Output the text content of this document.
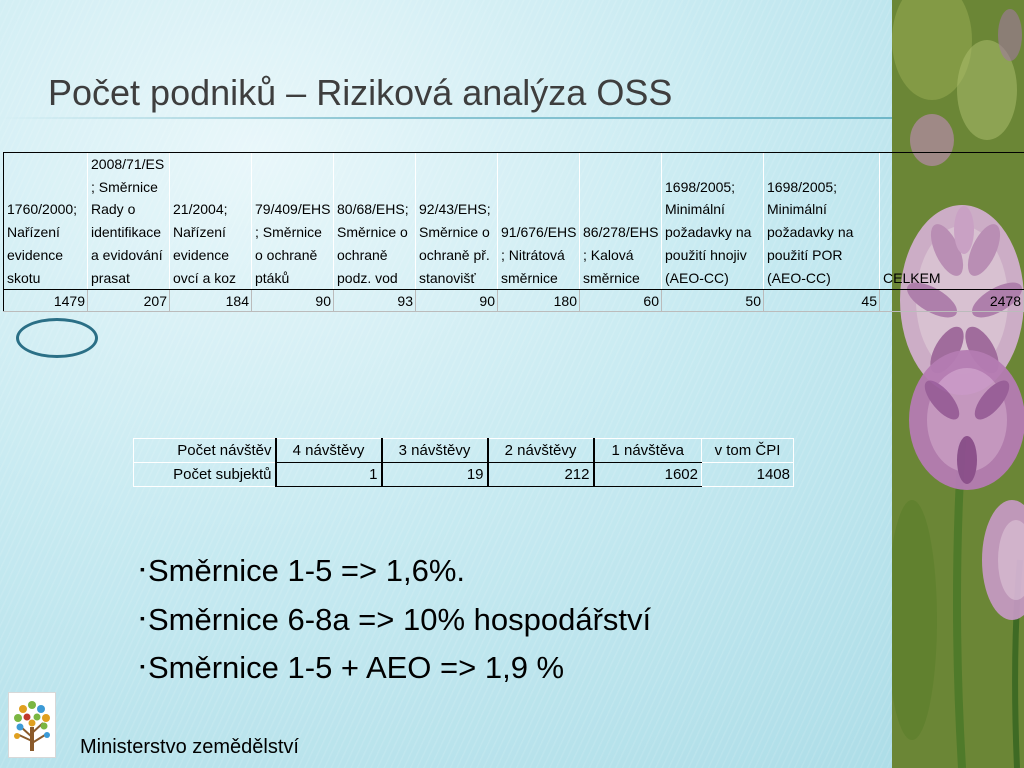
Počet podniků – Riziková analýza OSS
1760/2000; Nařízení evidence skotu	2008/71/ES; Směrnice Rady o identifikace a evidování prasat	21/2004; Nařízení evidence ovcí a koz	79/409/EHS; Směrnice o ochraně ptáků	80/68/EHS; Směrnice o ochraně podz. vod	92/43/EHS; Směrnice o ochraně př. stanovišť	91/676/EHS; Nitrátová směrnice	86/278/EHS; Kalová směrnice	1698/2005; Minimální požadavky na použití hnojiv (AEO-CC)	1698/2005; Minimální požadavky na použití POR (AEO-CC)	CELKEM
1479	207	184	90	93	90	180	60	50	45	2478
Počet návštěv	4 návštěvy	3 návštěvy	2 návštěvy	1 návštěva	v tom ČPI
Počet subjektů	1	19	212	1602	1408
▪Směrnice 1-5 => 1,6%.
▪Směrnice 6-8a => 10% hospodářství
▪Směrnice 1-5 + AEO => 1,9 %
Ministerstvo zemědělství
